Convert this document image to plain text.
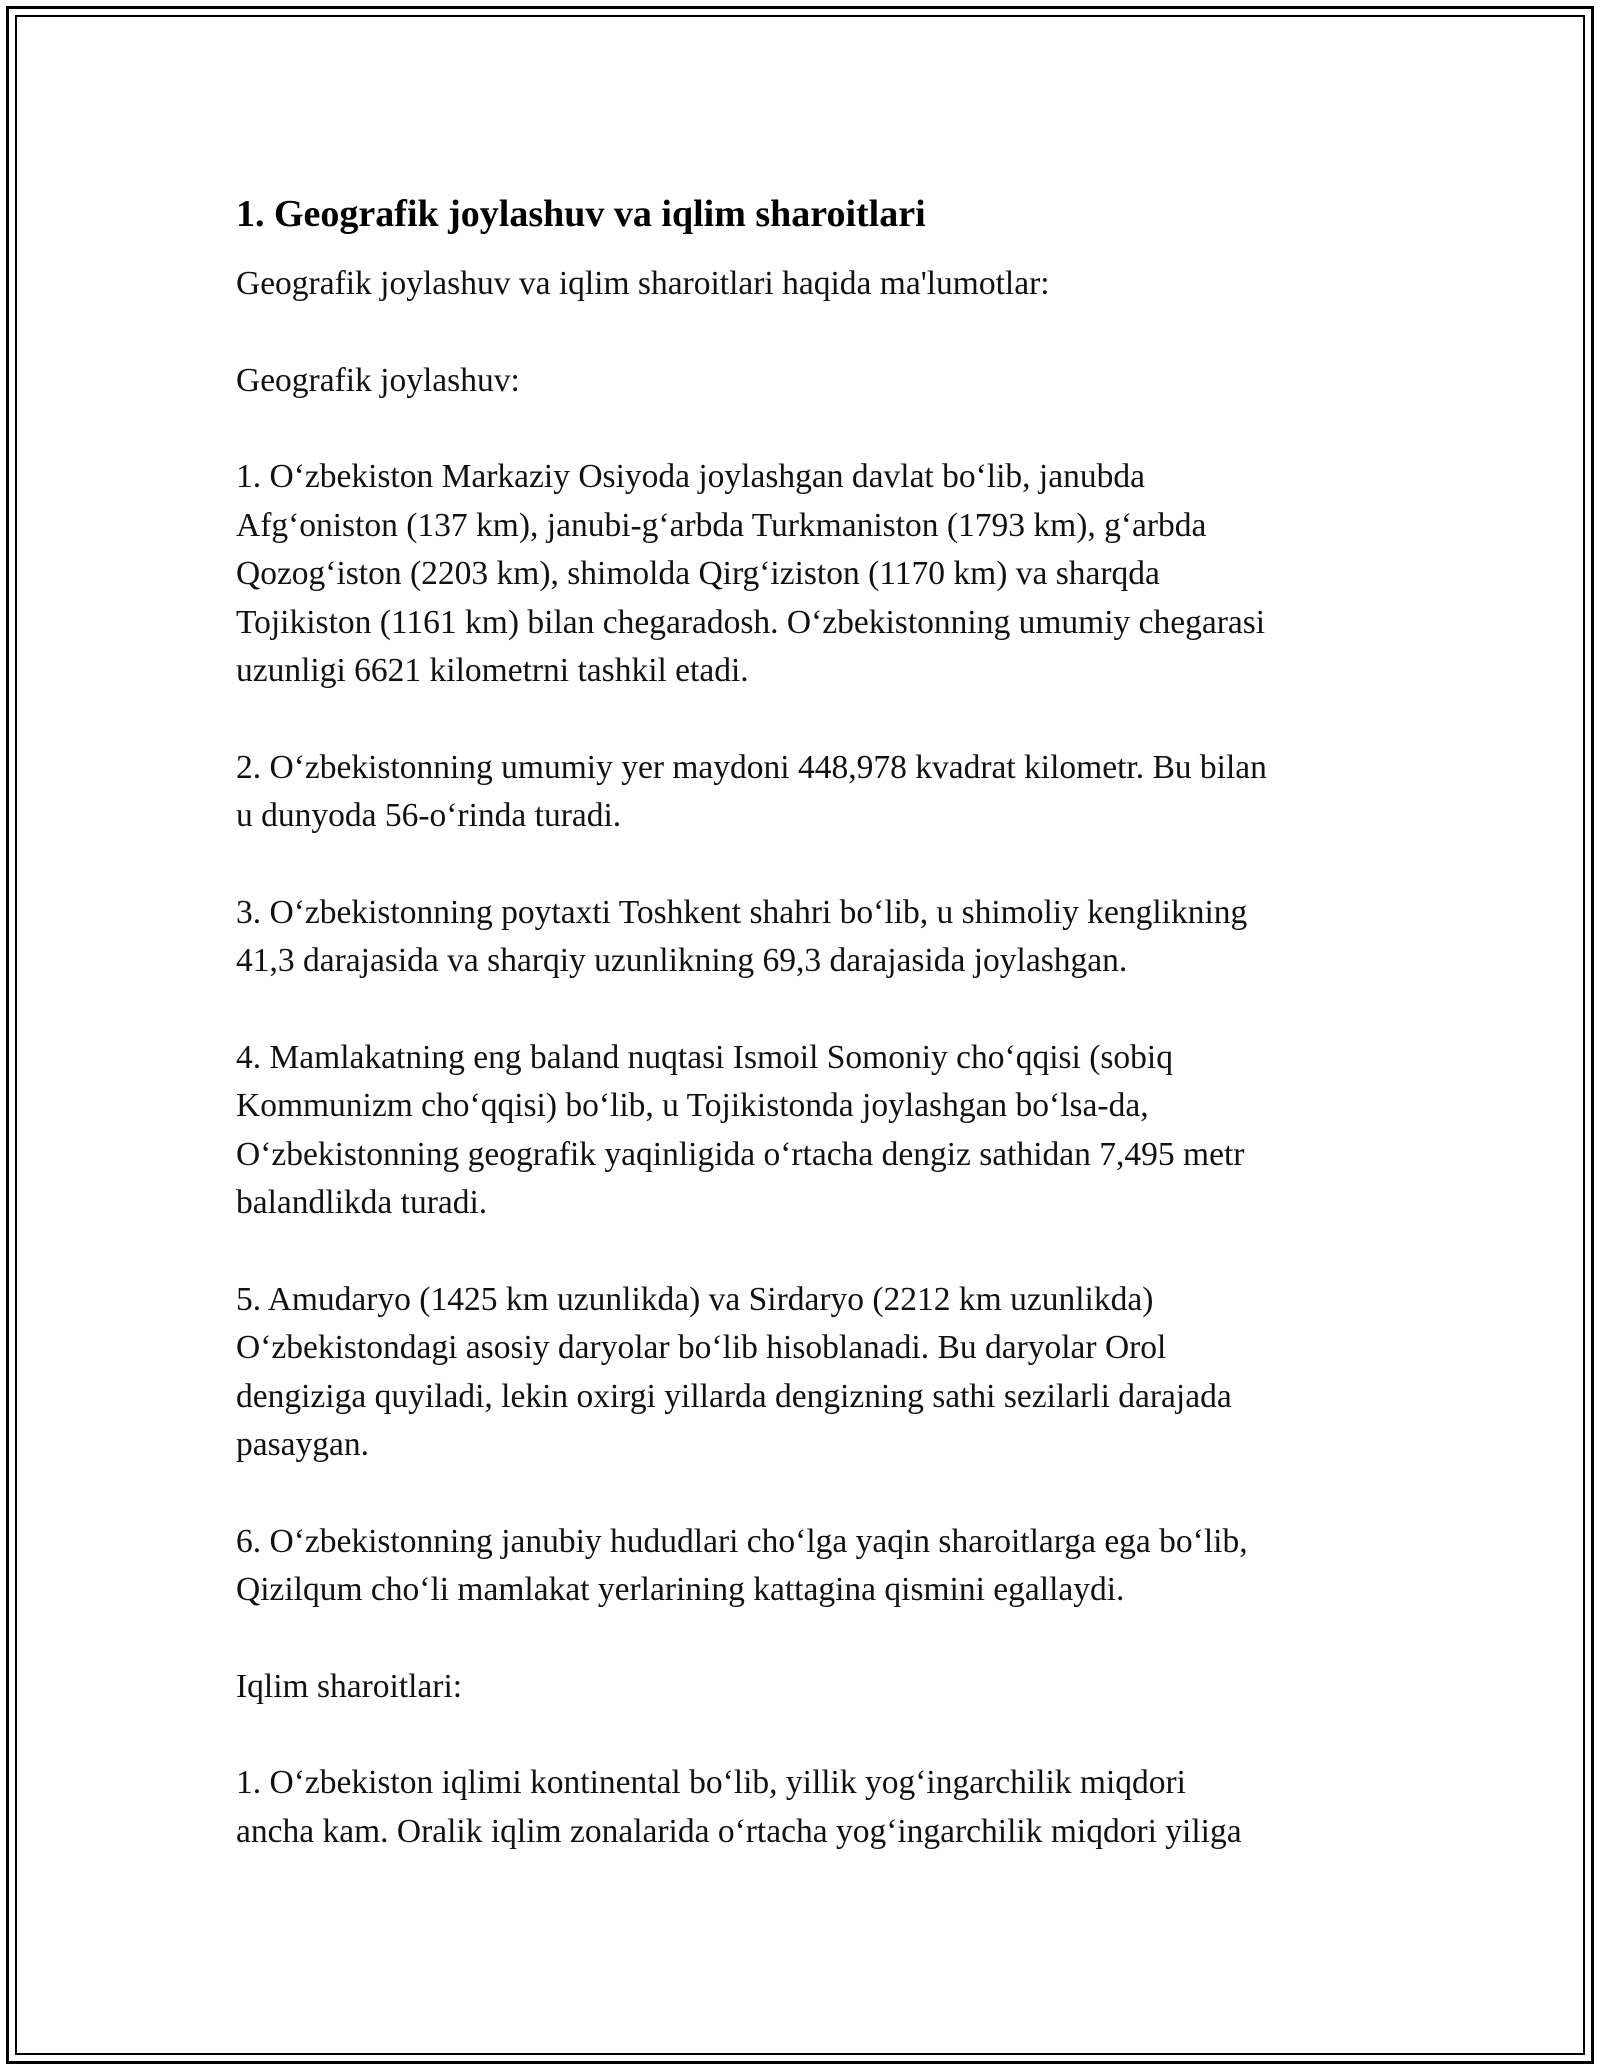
1. Geografik joylashuv va iqlim sharoitlari

Geografik joylashuv va iqlim sharoitlari haqida ma'lumotlar:

Geografik joylashuv:

1. O‘zbekiston Markaziy Osiyoda joylashgan davlat bo‘lib, janubda
Afg‘oniston (137 km), janubi-g‘arbda Turkmaniston (1793 km), g‘arbda
Qozog‘iston (2203 km), shimolda Qirg‘iziston (1170 km) va sharqda
Tojikiston (1161 km) bilan chegaradosh. O‘zbekistonning umumiy chegarasi
uzunligi 6621 kilometrni tashkil etadi.

2. O‘zbekistonning umumiy yer maydoni 448,978 kvadrat kilometr. Bu bilan
u dunyoda 56-o‘rinda turadi.

3. O‘zbekistonning poytaxti Toshkent shahri bo‘lib, u shimoliy kenglikning
41,3 darajasida va sharqiy uzunlikning 69,3 darajasida joylashgan.

4. Mamlakatning eng baland nuqtasi Ismoil Somoniy cho‘qqisi (sobiq
Kommunizm cho‘qqisi) bo‘lib, u Tojikistonda joylashgan bo‘lsa-da,
O‘zbekistonning geografik yaqinligida o‘rtacha dengiz sathidan 7,495 metr
balandlikda turadi.

5. Amudaryo (1425 km uzunlikda) va Sirdaryo (2212 km uzunlikda)
O‘zbekistondagi asosiy daryolar bo‘lib hisoblanadi. Bu daryolar Orol
dengiziga quyiladi, lekin oxirgi yillarda dengizning sathi sezilarli darajada
pasaygan.

6. O‘zbekistonning janubiy hududlari cho‘lga yaqin sharoitlarga ega bo‘lib,
Qizilqum cho‘li mamlakat yerlarining kattagina qismini egallaydi.

Iqlim sharoitlari:

1. O‘zbekiston iqlimi kontinental bo‘lib, yillik yog‘ingarchilik miqdori
ancha kam. Oralik iqlim zonalarida o‘rtacha yog‘ingarchilik miqdori yiliga
